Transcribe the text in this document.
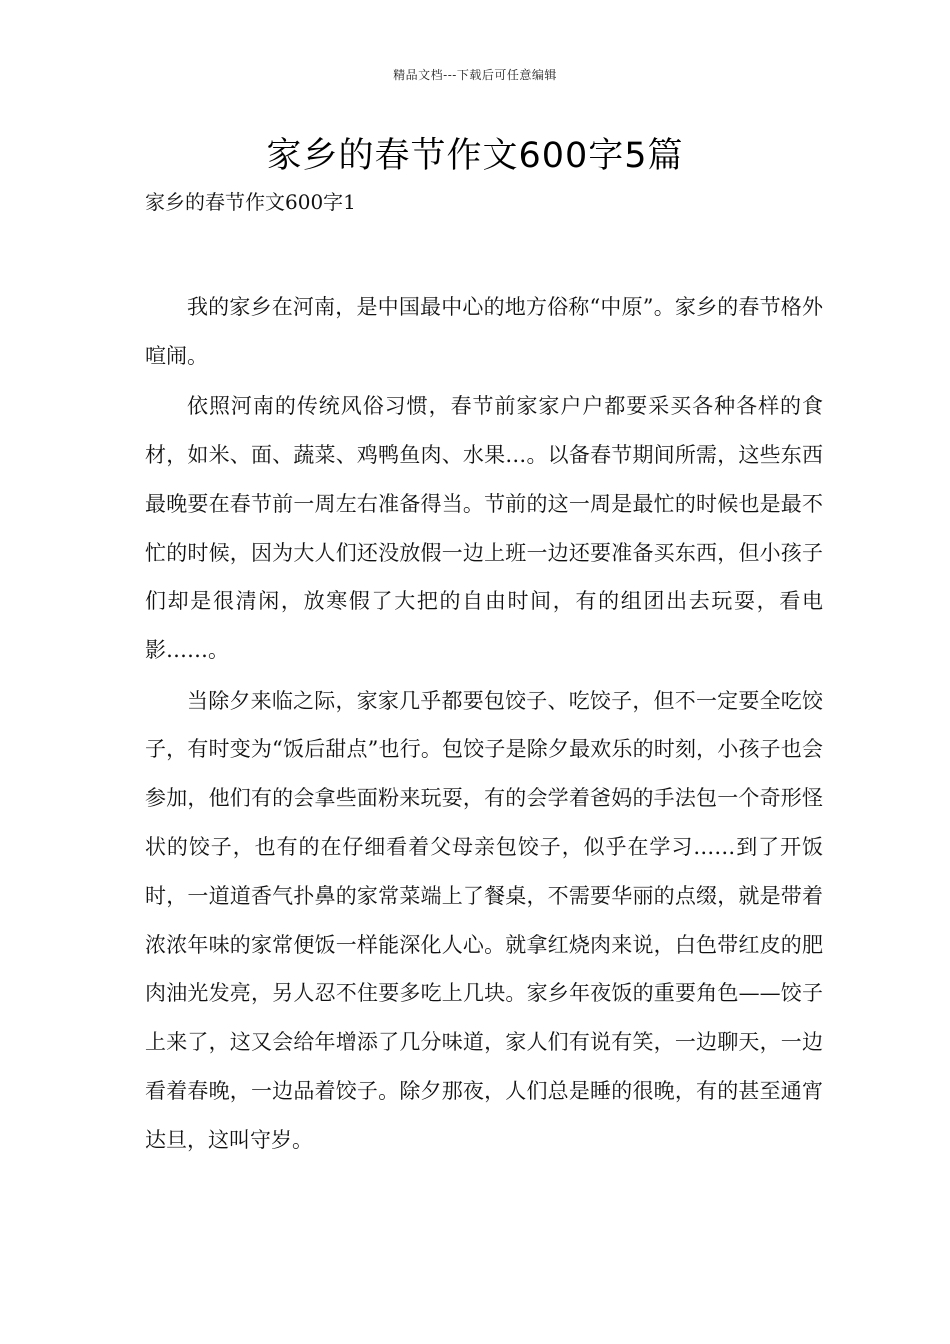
精品文档---下载后可任意编辑
家乡的春节作文600字5篇
家乡的春节作文600字1

我的家乡在河南，是中国最中心的地方俗称“中原”。家乡的春节格外喧闹。

依照河南的传统风俗习惯，春节前家家户户都要采买各种各样的食材，如米、面、蔬菜、鸡鸭鱼肉、水果…。以备春节期间所需，这些东西最晚要在春节前一周左右准备得当。节前的这一周是最忙的时候也是最不忙的时候，因为大人们还没放假一边上班一边还要准备买东西，但小孩子们却是很清闲，放寒假了大把的自由时间，有的组团出去玩耍，看电影……。

当除夕来临之际，家家几乎都要包饺子、吃饺子，但不一定要全吃饺子，有时变为“饭后甜点”也行。包饺子是除夕最欢乐的时刻，小孩子也会参加，他们有的会拿些面粉来玩耍，有的会学着爸妈的手法包一个奇形怪状的饺子，也有的在仔细看着父母亲包饺子，似乎在学习……到了开饭时，一道道香气扑鼻的家常菜端上了餐桌，不需要华丽的点缀，就是带着浓浓年味的家常便饭一样能深化人心。就拿红烧肉来说，白色带红皮的肥肉油光发亮，另人忍不住要多吃上几块。家乡年夜饭的重要角色——饺子上来了，这又会给年增添了几分味道，家人们有说有笑，一边聊天，一边看着春晚，一边品着饺子。除夕那夜，人们总是睡的很晚，有的甚至通宵达旦，这叫守岁。
